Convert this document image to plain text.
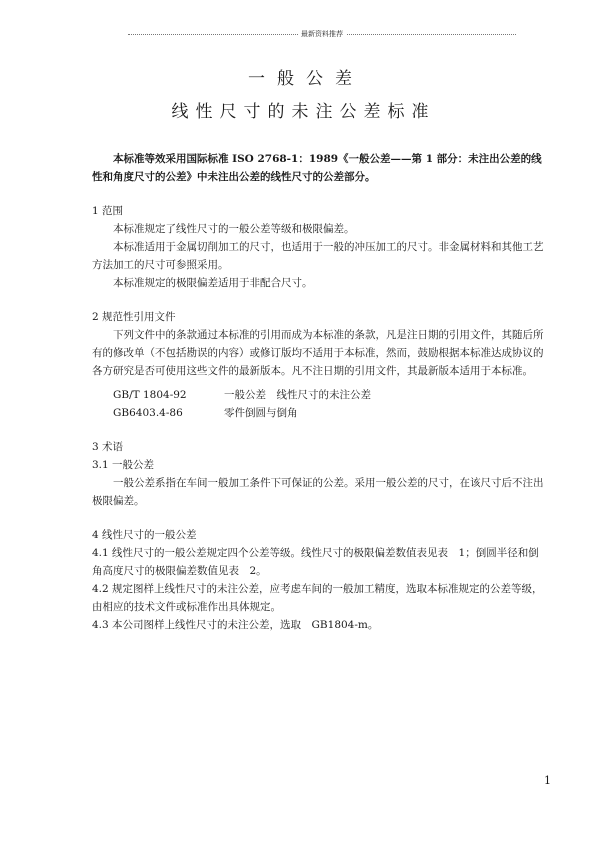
最新资料推荐
一般公差
线性尺寸的未注公差标准

本标准等效采用国际标准 ISO 2768-1：1989《一般公差——第 1 部分：未注出公差的线性和角度尺寸的公差》中未注出公差的线性尺寸的公差部分。

1 范围

本标准规定了线性尺寸的一般公差等级和极限偏差。

本标准适用于金属切削加工的尺寸，也适用于一般的冲压加工的尺寸。非金属材料和其他工艺方法加工的尺寸可参照采用。

本标准规定的极限偏差适用于非配合尺寸。

2 规范性引用文件

下列文件中的条款通过本标准的引用而成为本标准的条款，凡是注日期的引用文件，其随后所有的修改单（不包括勘误的内容）或修订版均不适用于本标准，然而，鼓励根据本标准达成协议的各方研究是否可使用这些文件的最新版本。凡不注日期的引用文件，其最新版本适用于本标准。

GB/T 1804-92	一般公差　线性尺寸的未注公差
GB6403.4-86	零件倒圆与倒角

3 术语

3.1 一般公差

一般公差系指在车间一般加工条件下可保证的公差。采用一般公差的尺寸，在该尺寸后不注出极限偏差。

4 线性尺寸的一般公差

4.1 线性尺寸的一般公差规定四个公差等级。线性尺寸的极限偏差数值表见表　1；倒圆半径和倒角高度尺寸的极限偏差数值见表　2。

4.2 规定图样上线性尺寸的未注公差，应考虑车间的一般加工精度，选取本标准规定的公差等级，由相应的技术文件或标准作出具体规定。

4.3 本公司图样上线性尺寸的未注公差，选取　GB1804-m。

1
